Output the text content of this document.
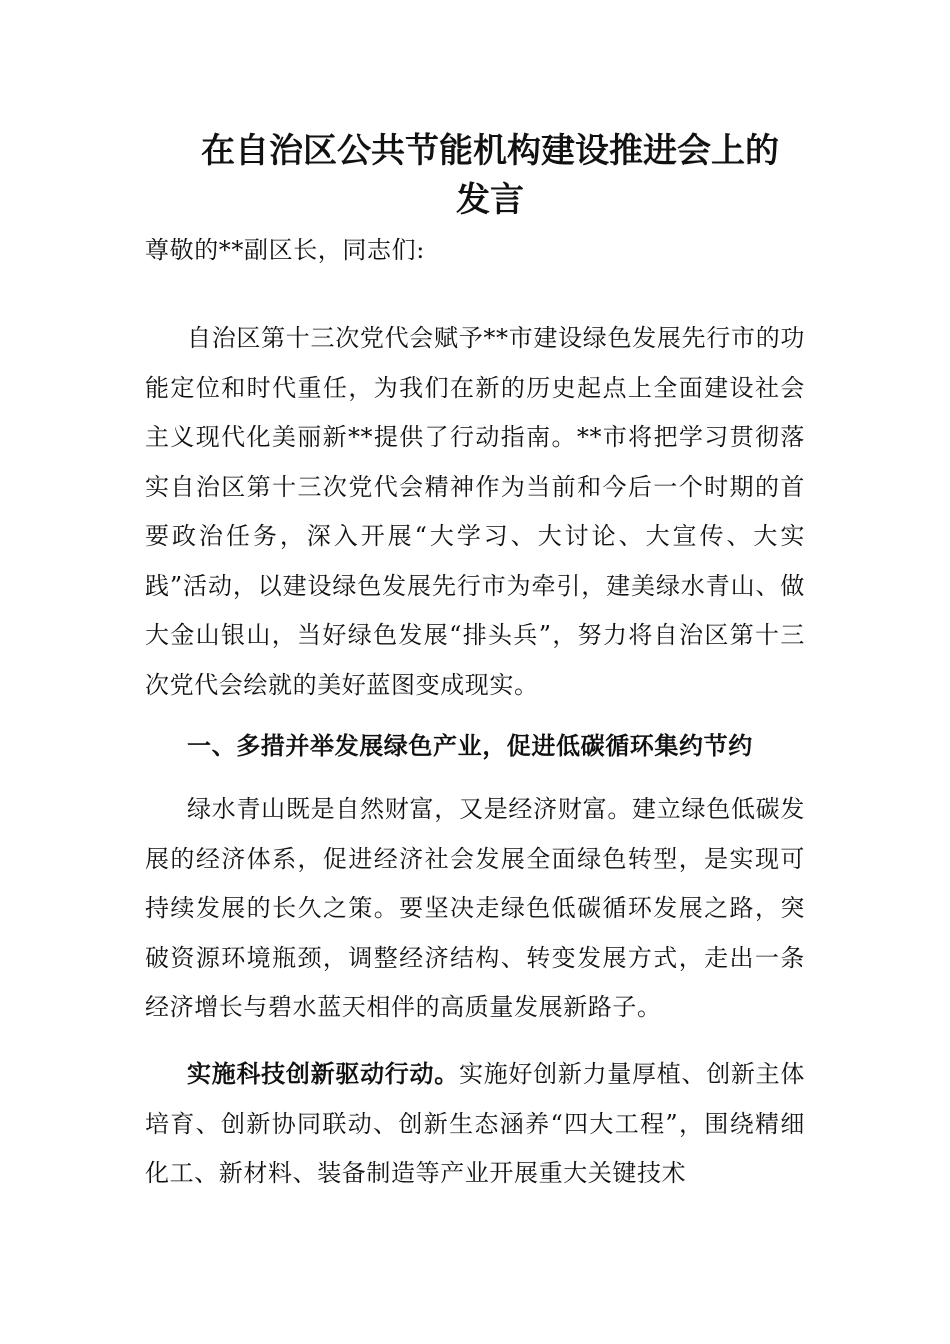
在自治区公共节能机构建设推进会上的
发言

尊敬的**副区长，同志们:

自治区第十三次党代会赋予**市建设绿色发展先行市的功能定位和时代重任，为我们在新的历史起点上全面建设社会主义现代化美丽新**提供了行动指南。**市将把学习贯彻落实自治区第十三次党代会精神作为当前和今后一个时期的首要政治任务，深入开展“大学习、大讨论、大宣传、大实践”活动，以建设绿色发展先行市为牵引，建美绿水青山、做大金山银山，当好绿色发展“排头兵”，努力将自治区第十三次党代会绘就的美好蓝图变成现实。

一、多措并举发展绿色产业，促进低碳循环集约节约

绿水青山既是自然财富，又是经济财富。建立绿色低碳发展的经济体系，促进经济社会发展全面绿色转型，是实现可持续发展的长久之策。要坚决走绿色低碳循环发展之路，突破资源环境瓶颈，调整经济结构、转变发展方式，走出一条经济增长与碧水蓝天相伴的高质量发展新路子。

实施科技创新驱动行动。实施好创新力量厚植、创新主体培育、创新协同联动、创新生态涵养“四大工程”，围绕精细化工、新材料、装备制造等产业开展重大关键技术
